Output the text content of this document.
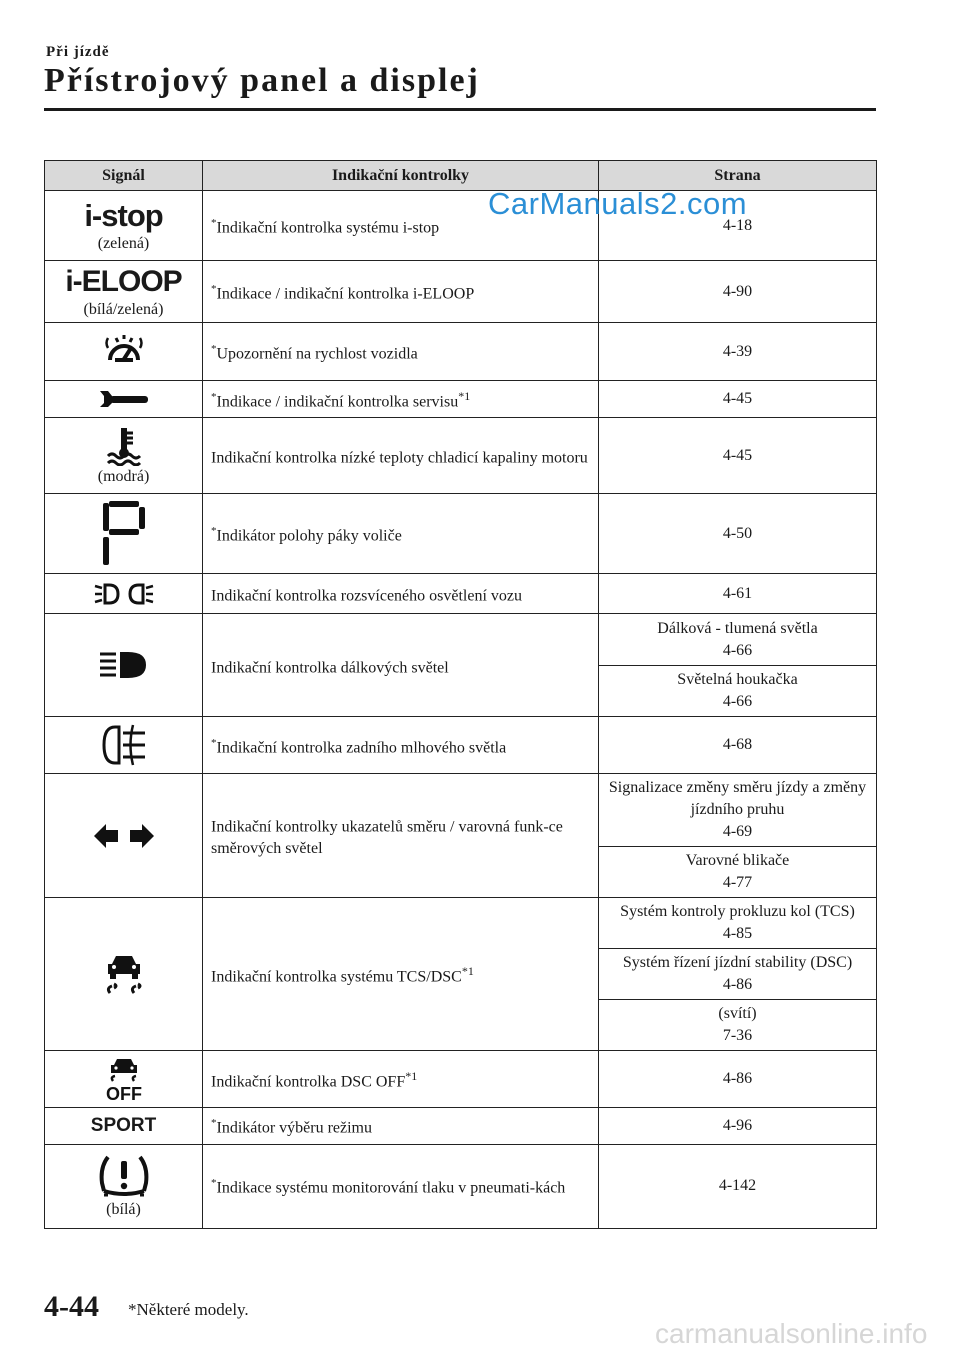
Při jízdě
Přístrojový panel a displej
Signál	Indikační kontrolky	Strana

i-stop
(zelená)	*Indikační kontrolka systému i-stop	4-18

i-ELOOP
(bílá/zelená)	*Indikace / indikační kontrolka i-ELOOP	4-90

	*Upozornění na rychlost vozidla	4-39

	*Indikace / indikační kontrolka servisu$^{*1}$	4-45

(modrá)	Indikační kontrolka nízké teploty chladicí kapaliny motoru	4-45

	*Indikátor polohy páky voliče	4-50

	Indikační kontrolka rozsvíceného osvětlení vozu	4-61

	Indikační kontrolka dálkových světel	Dálková - tlumená světla
4-66
		Světelná houkačka
4-66

	*Indikační kontrolka zadního mlhového světla	4-68

	Indikační kontrolky ukazatelů směru / varovná funk-ce směrových světel	Signalizace změny směru jízdy a změny jízdního pruhu
4-69
		Varovné blikače
4-77

	Indikační kontrolka systému TCS/DSC$^{*1}$	Systém kontroly prokluzu kol (TCS)
4-85
		Systém řízení jízdní stability (DSC)
4-86
		(svítí)
7-36

OFF	Indikační kontrolka DSC OFF$^{*1}$	4-86

SPORT	*Indikátor výběru režimu	4-96

(bílá)	*Indikace systému monitorování tlaku v pneumati-kách	4-142
CarManuals2.com
4-44 *Některé modely.
carmanualsonline.info
